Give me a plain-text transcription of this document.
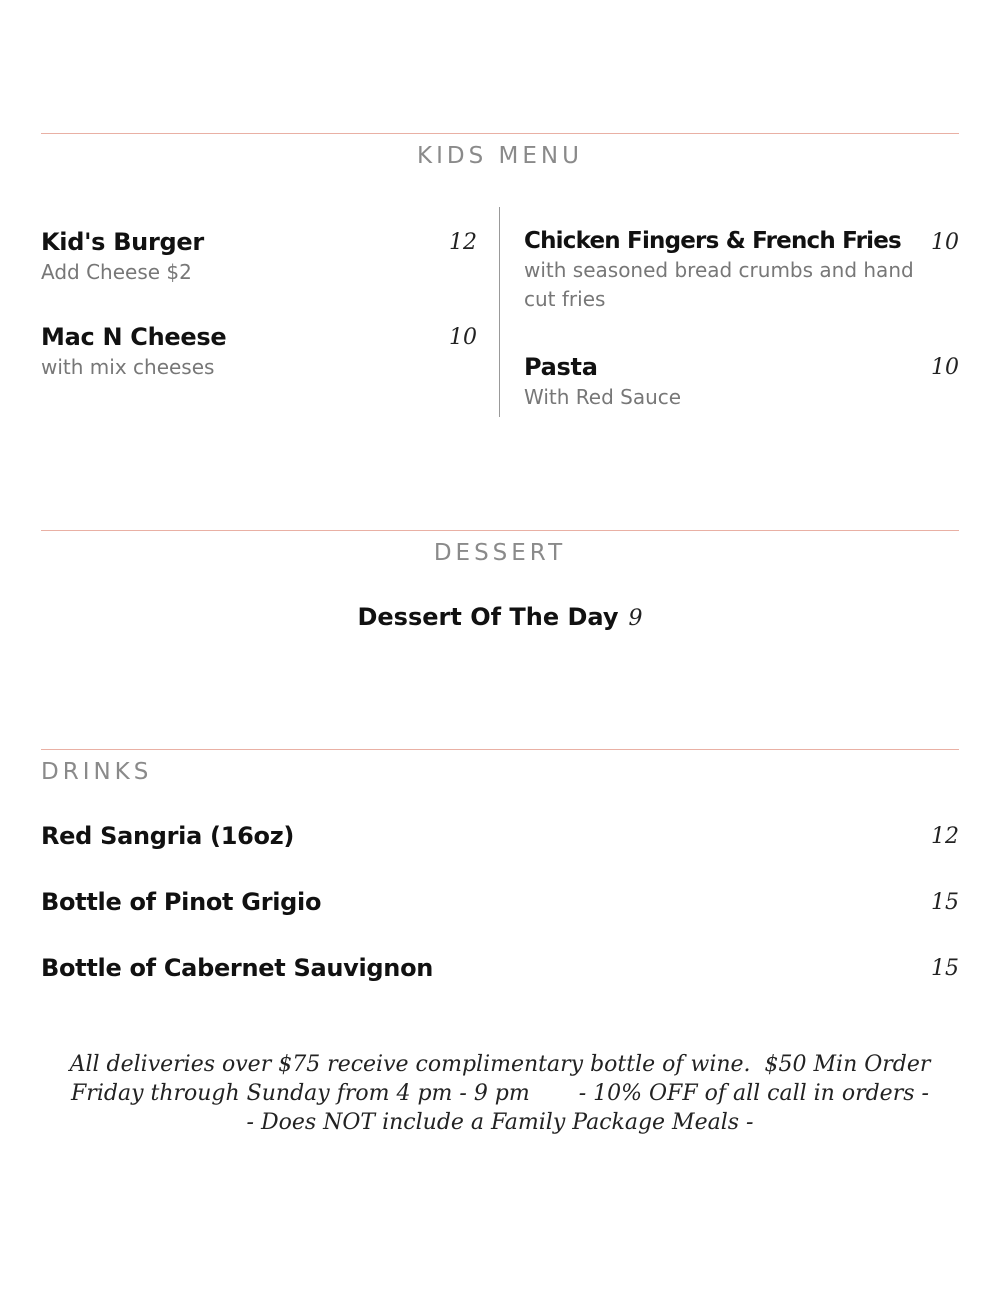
KIDS MENU
Kid's Burger	12
Add Cheese $2
Mac N Cheese	10
with mix cheeses
Chicken Fingers & French Fries	10
with seasoned bread crumbs and hand cut fries
Pasta	10
With Red Sauce
DESSERT
Dessert Of The Day 9
DRINKS
Red Sangria (16oz)	12
Bottle of Pinot Grigio	15
Bottle of Cabernet Sauvignon	15
All deliveries over $75 receive complimentary bottle of wine.  $50 Min Order
Friday through Sunday from 4 pm - 9 pm       - 10% OFF of all call in orders -
- Does NOT include a Family Package Meals -
